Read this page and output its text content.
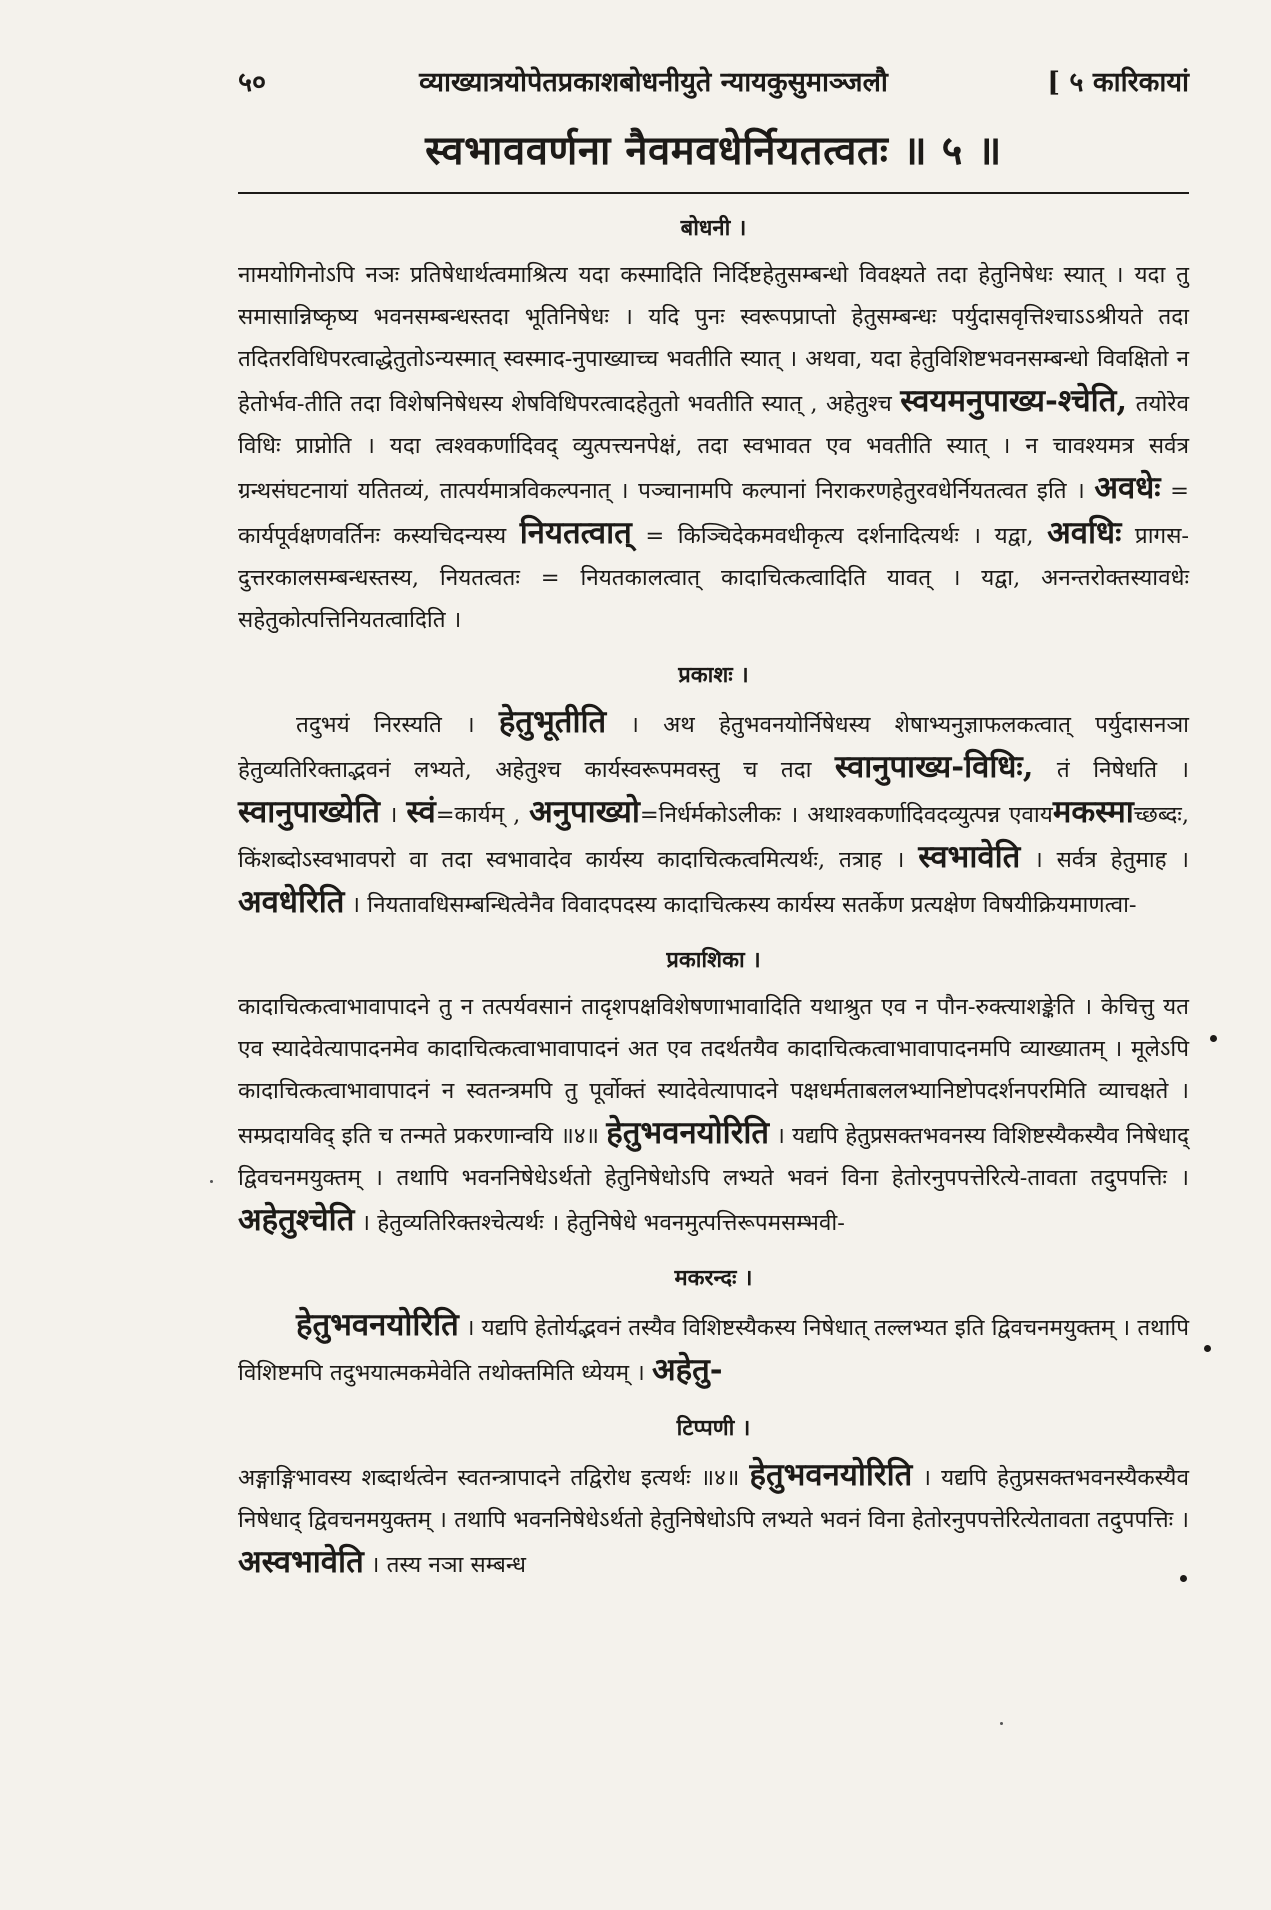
५०	व्याख्यात्रयोपेतप्रकाशबोधनीयुते न्यायकुसुमाञ्जलौ	[ ५ कारिकायां
स्वभाववर्णना नैवमवधेर्नियतत्वतः ॥ ५ ॥
बोधनी ।

नामयोगिनोऽपि नञः प्रतिषेधार्थत्वमाश्रित्य यदा कस्मादिति निर्दिष्टहेतुसम्बन्धो विवक्ष्यते तदा हेतुनिषेधः स्यात् । यदा तु समासान्निष्कृष्य भवनसम्बन्धस्तदा भूतिनिषेधः । यदि पुनः स्वरूपप्राप्तो हेतुसम्बन्धः पर्युदासवृत्तिश्चाऽऽश्रीयते तदा तदितरविधिपरत्वाद्धेतुतोऽन्यस्मात् स्वस्माद-नुपाख्याच्च भवतीति स्यात् । अथवा, यदा हेतुविशिष्टभवनसम्बन्धो विवक्षितो न हेतोर्भव-तीति तदा विशेषनिषेधस्य शेषविधिपरत्वादहेतुतो भवतीति स्यात् , अहेतुश्च स्वयमनुपाख्य-श्चेति, तयोरेव विधिः प्राप्नोति । यदा त्वश्वकर्णादिवद् व्युत्पत्त्यनपेक्षं, तदा स्वभावत एव भवतीति स्यात् । न चावश्यमत्र सर्वत्र ग्रन्थसंघटनायां यतितव्यं, तात्पर्यमात्रविकल्पनात् । पञ्चानामपि कल्पानां निराकरणहेतुरवधेर्नियतत्वत इति । अवधेः = कार्यपूर्वक्षणवर्तिनः कस्यचिदन्यस्य नियतत्वात् = किञ्चिदेकमवधीकृत्य दर्शनादित्यर्थः । यद्वा, अवधिः प्रागस-दुत्तरकालसम्बन्धस्तस्य, नियतत्वतः = नियतकालत्वात् कादाचित्कत्वादिति यावत् । यद्वा, अनन्तरोक्तस्यावधेः सहेतुकोत्पत्तिनियतत्वादिति ।

प्रकाशः ।

तदुभयं निरस्यति । हेतुभूतीति । अथ हेतुभवनयोर्निषेधस्य शेषाभ्यनुज्ञाफलकत्वात् पर्युदासनञा हेतुव्यतिरिक्ताद्भवनं लभ्यते, अहेतुश्च कार्यस्वरूपमवस्तु च तदा स्वानुपाख्य-विधिः, तं निषेधति । स्वानुपाख्येति । स्वं=कार्यम् , अनुपाख्यो=निर्धर्मकोऽलीकः । अथाश्वकर्णादिवदव्युत्पन्न एवायमकस्माच्छब्दः, किंशब्दोऽस्वभावपरो वा तदा स्वभावादेव कार्यस्य कादाचित्कत्वमित्यर्थः, तत्राह । स्वभावेति । सर्वत्र हेतुमाह । अवधेरिति । नियतावधिसम्बन्धित्वेनैव विवादपदस्य कादाचित्कस्य कार्यस्य सतर्केण प्रत्यक्षेण विषयीक्रियमाणत्वा-

प्रकाशिका ।

कादाचित्कत्वाभावापादने तु न तत्पर्यवसानं तादृशपक्षविशेषणाभावादिति यथाश्रुत एव न पौन-रुक्त्याशङ्केति । केचित्तु यत एव स्यादेवेत्यापादनमेव कादाचित्कत्वाभावापादनं अत एव तदर्थतयैव कादाचित्कत्वाभावापादनमपि व्याख्यातम् । मूलेऽपि कादाचित्कत्वाभावापादनं न स्वतन्त्रमपि तु पूर्वोक्तं स्यादेवेत्यापादने पक्षधर्मताबललभ्यानिष्टोपदर्शनपरमिति व्याचक्षते । सम्प्रदायविद् इति च तन्मते प्रकरणान्वयि ॥४॥ हेतुभवनयोरिति । यद्यपि हेतुप्रसक्तभवनस्य विशिष्टस्यैकस्यैव निषेधाद् द्विवचनमयुक्तम् । तथापि भवननिषेधेऽर्थतो हेतुनिषेधोऽपि लभ्यते भवनं विना हेतोरनुपपत्तेरित्ये-तावता तदुपपत्तिः । अहेतुश्चेति । हेतुव्यतिरिक्तश्चेत्यर्थः । हेतुनिषेधे भवनमुत्पत्तिरूपमसम्भवी-

मकरन्दः ।

हेतुभवनयोरिति । यद्यपि हेतोर्यद्भवनं तस्यैव विशिष्टस्यैकस्य निषेधात् तल्लभ्यत इति द्विवचनमयुक्तम् । तथापि विशिष्टमपि तदुभयात्मकमेवेति तथोक्तमिति ध्येयम् । अहेतु-

टिप्पणी ।

अङ्गाङ्गिभावस्य शब्दार्थत्वेन स्वतन्त्रापादने तद्विरोध इत्यर्थः ॥४॥ हेतुभवनयोरिति । यद्यपि हेतुप्रसक्तभवनस्यैकस्यैव निषेधाद् द्विवचनमयुक्तम् । तथापि भवननिषेधेऽर्थतो हेतुनिषेधोऽपि लभ्यते भवनं विना हेतोरनुपपत्तेरित्येतावता तदुपपत्तिः । अस्वभावेति । तस्य नञा सम्बन्ध
